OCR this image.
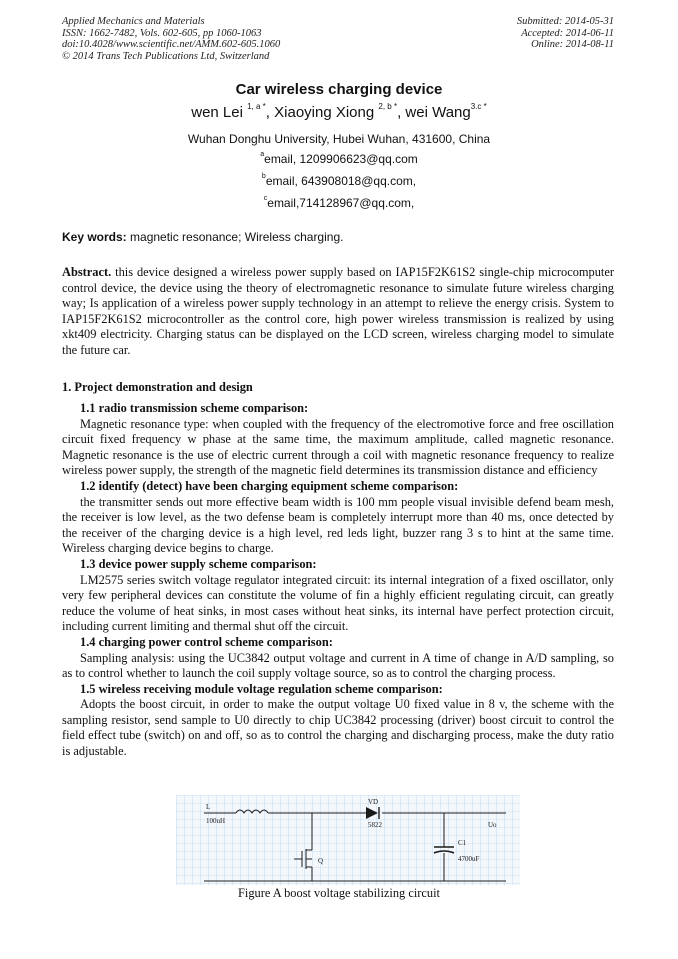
Applied Mechanics and Materials
ISSN: 1662-7482, Vols. 602-605, pp 1060-1063
doi:10.4028/www.scientific.net/AMM.602-605.1060
© 2014 Trans Tech Publications Ltd, Switzerland
Submitted: 2014-05-31
Accepted: 2014-06-11
Online: 2014-08-11
Car wireless charging device
wen Lei $^{1, a *}$, Xiaoying Xiong $^{2, b *}$, wei Wang$^{3.c *}$
Wuhan Donghu University, Hubei Wuhan, 431600, China
$^a$email, 1209906623@qq.com
$^b$email, 643908018@qq.com,
$^c$email,714128967@qq.com,
Key words: magnetic resonance; Wireless charging.

Abstract. this device designed a wireless power supply based on IAP15F2K61S2 single-chip microcomputer control device, the device using the theory of electromagnetic resonance to simulate future wireless charging way; Is application of a wireless power supply technology in an attempt to relieve the energy crisis. System to IAP15F2K61S2 microcontroller as the control core, high power wireless transmission is realized by using xkt409 electricity. Charging status can be displayed on the LCD screen, wireless charging model to simulate the future car.

1. Project demonstration and design
1.1 radio transmission scheme comparison:

Magnetic resonance type: when coupled with the frequency of the electromotive force and free oscillation circuit fixed frequency w phase at the same time, the maximum amplitude, called magnetic resonance. Magnetic resonance is the use of electric current through a coil with magnetic resonance frequency to realize wireless power supply, the strength of the magnetic field determines its transmission distance and efficiency

1.2 identify (detect) have been charging equipment scheme comparison:

the transmitter sends out more effective beam width is 100 mm people visual invisible defend beam mesh, the receiver is low level, as the two defense beam is completely interrupt more than 40 ms, once detected by the receiver of the charging device is a high level, red leds light, buzzer rang 3 s to hint at the same time. Wireless charging device begins to charge.

1.3 device power supply scheme comparison:

LM2575 series switch voltage regulator integrated circuit: its internal integration of a fixed oscillator, only very few peripheral devices can constitute the volume of fin a highly efficient regulating circuit, can greatly reduce the volume of heat sinks, in most cases without heat sinks, its internal have perfect protection circuit, including current limiting and thermal shut off the circuit.

1.4 charging power control scheme comparison:

Sampling analysis: using the UC3842 output voltage and current in A time of change in A/D sampling, so as to control whether to launch the coil supply voltage source, so as to control the charging process.

1.5 wireless receiving module voltage regulation scheme comparison:

Adopts the boost circuit, in order to make the output voltage U0 fixed value in 8 v, the scheme with the sampling resistor, send sample to U0 directly to chip UC3842 processing (driver) boost circuit to control the field effect tube (switch) on and off, so as to control the charging and discharging process, make the duty ratio is adjustable.

L
100uH
VD
5822
Q
C1
4700uF
Uo
Figure A boost voltage stabilizing circuit
